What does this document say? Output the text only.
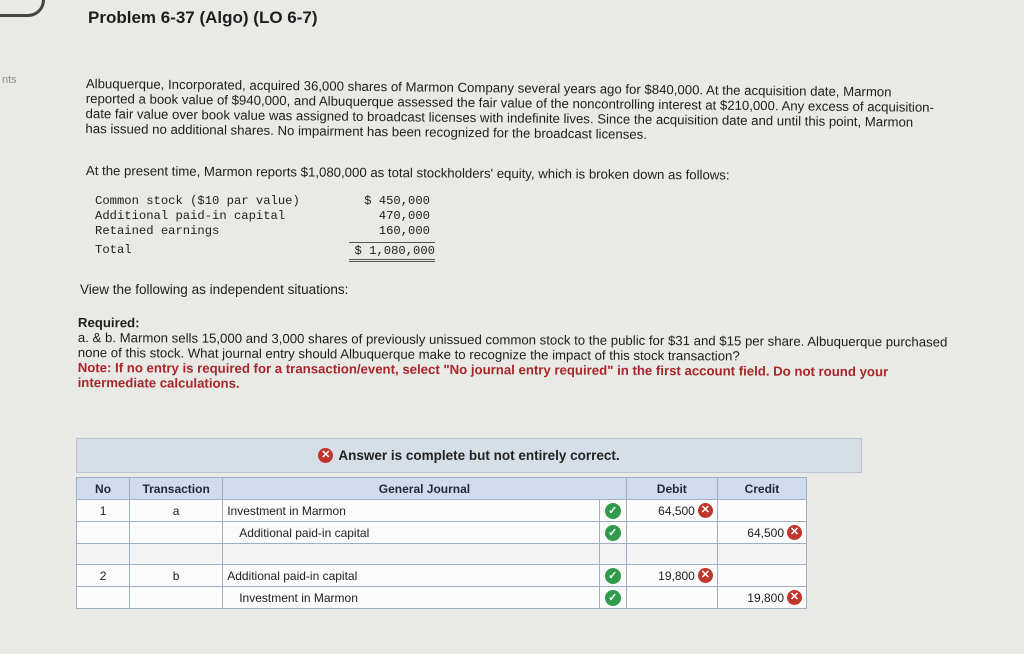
nts
Problem 6-37 (Algo) (LO 6-7)
Albuquerque, Incorporated, acquired 36,000 shares of Marmon Company several years ago for $840,000. At the acquisition date, Marmon reported a book value of $940,000, and Albuquerque assessed the fair value of the noncontrolling interest at $210,000. Any excess of acquisition-date fair value over book value was assigned to broadcast licenses with indefinite lives. Since the acquisition date and until this point, Marmon has issued no additional shares. No impairment has been recognized for the broadcast licenses.
At the present time, Marmon reports $1,080,000 as total stockholders' equity, which is broken down as follows:
Common stock ($10 par value)	$ 450,000
Additional paid-in capital	470,000
Retained earnings	160,000
Total	$ 1,080,000
View the following as independent situations:
Required:
a. & b. Marmon sells 15,000 and 3,000 shares of previously unissued common stock to the public for $31 and $15 per share. Albuquerque purchased none of this stock. What journal entry should Albuquerque make to recognize the impact of this stock transaction?
Note: If no entry is required for a transaction/event, select "No journal entry required" in the first account field. Do not round your intermediate calculations.
✕ Answer is complete but not entirely correct.
No	Transaction	General Journal		Debit	Credit
1	a	Investment in Marmon	✓	64,500 ✕	

		Additional paid-in capital	✓		64,500 ✕

2	b	Additional paid-in capital	✓	19,800 ✕	

		Investment in Marmon	✓		19,800 ✕
